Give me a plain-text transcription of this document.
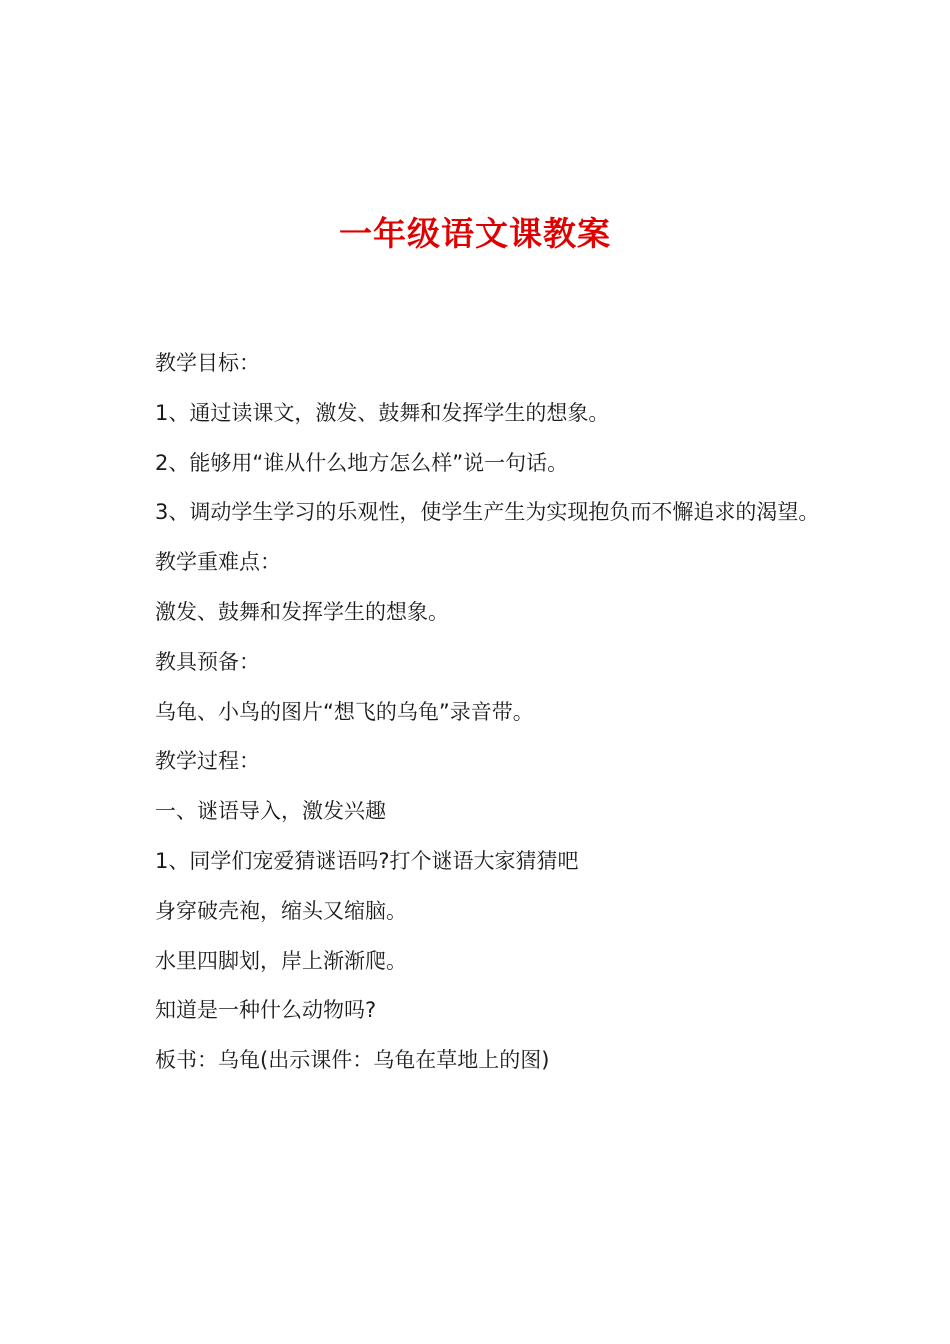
一年级语文课教案

教学目标：

1、通过读课文，激发、鼓舞和发挥学生的想象。

2、能够用“谁从什么地方怎么样”说一句话。

3、调动学生学习的乐观性，使学生产生为实现抱负而不懈追求的渴望。

教学重难点：

激发、鼓舞和发挥学生的想象。

教具预备：

乌龟、小鸟的图片“想飞的乌龟”录音带。

教学过程：

一、谜语导入，激发兴趣

1、同学们宠爱猜谜语吗?打个谜语大家猜猜吧

身穿破壳袍，缩头又缩脑。

水里四脚划，岸上渐渐爬。

知道是一种什么动物吗?

板书：乌龟(出示课件：乌龟在草地上的图)
